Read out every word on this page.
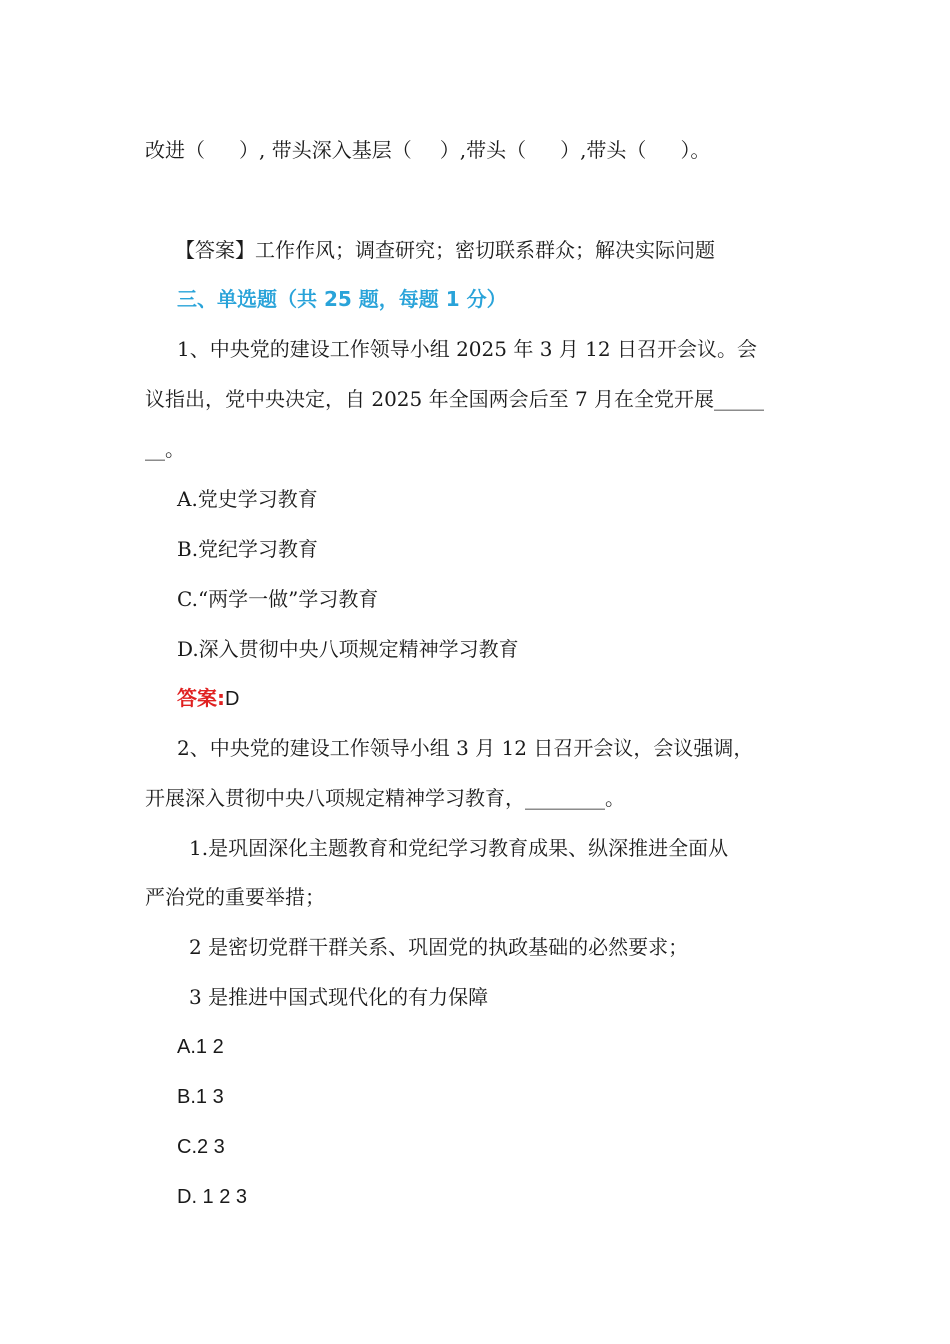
改进（ ）, 带头深入基层（ ）,带头（ ）,带头（ ）。
【答案】工作作风；调查研究；密切联系群众；解决实际问题
三、单选题（共 25 题，每题 1 分）
1、中央党的建设工作领导小组 2025 年 3 月 12 日召开会议。会
议指出，党中央决定，自 2025 年全国两会后至 7 月在全党开展_____
__。
A.党史学习教育
B.党纪学习教育
C.“两学一做”学习教育
D.深入贯彻中央八项规定精神学习教育
答案:D
2、中央党的建设工作领导小组 3 月 12 日召开会议，会议强调，
开展深入贯彻中央八项规定精神学习教育，________。
1.是巩固深化主题教育和党纪学习教育成果、纵深推进全面从
严治党的重要举措；
2 是密切党群干群关系、巩固党的执政基础的必然要求；
3 是推进中国式现代化的有力保障
A.1 2
B.1 3
C.2 3
D. 1 2 3
